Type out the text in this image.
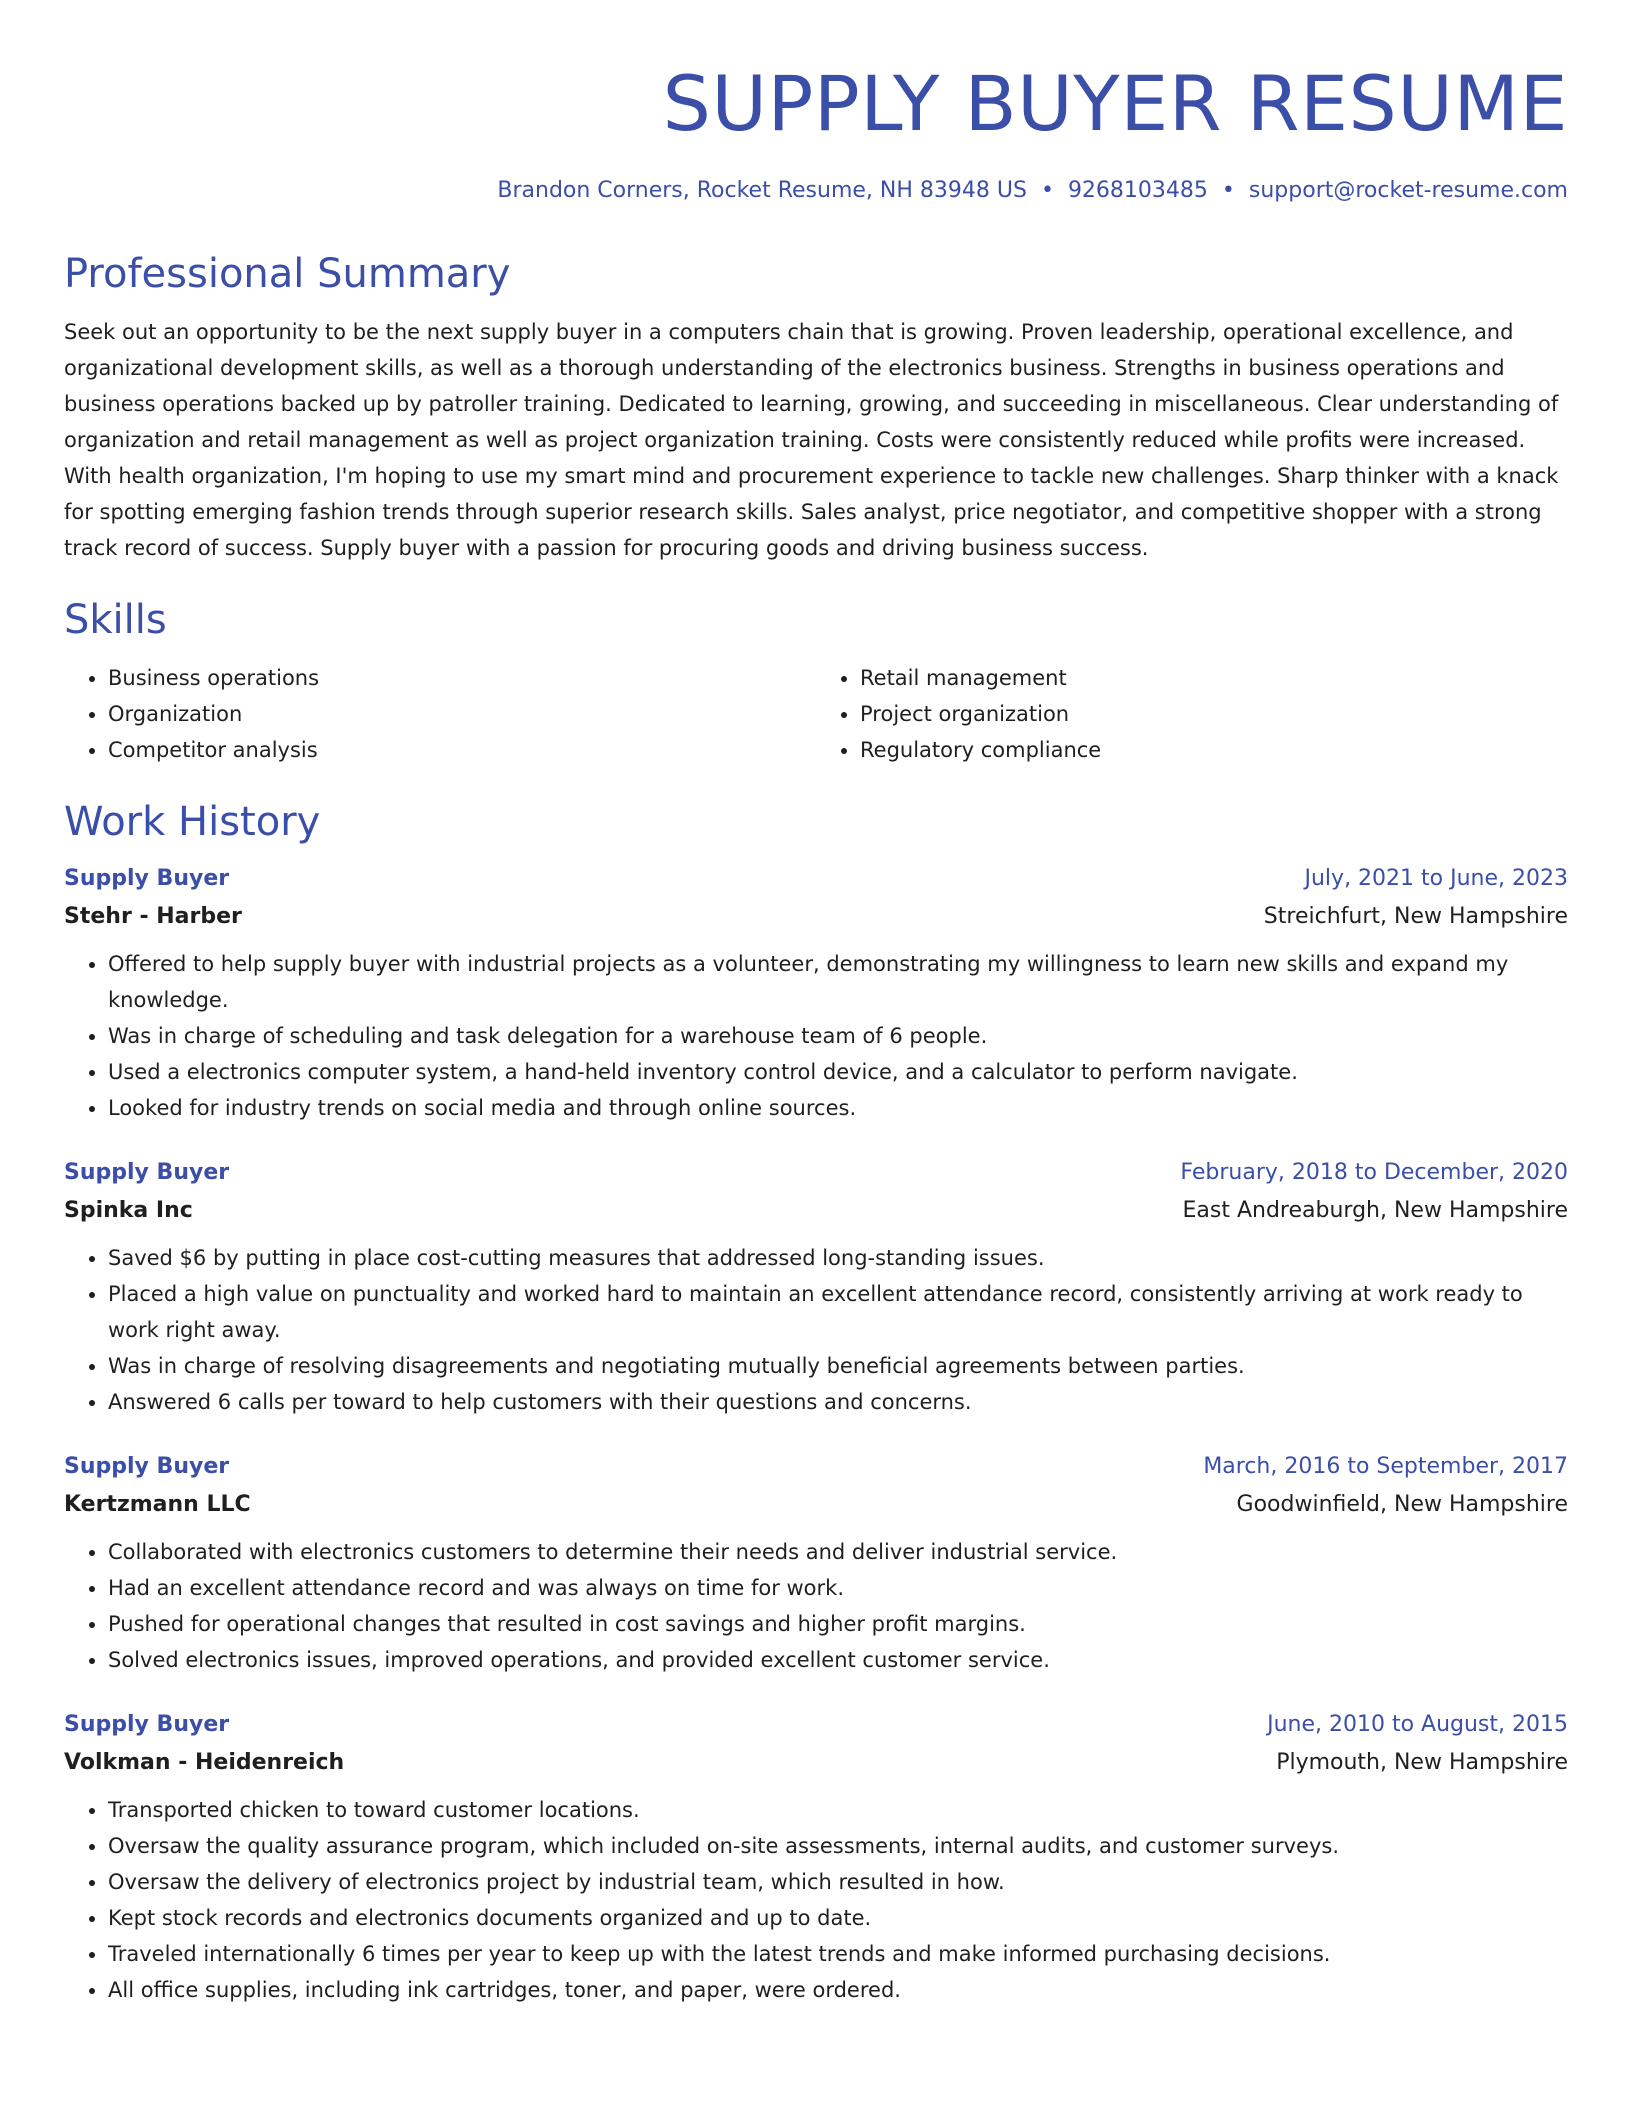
SUPPLY BUYER RESUME
Brandon Corners, Rocket Resume, NH 83948 US • 9268103485 • support@rocket-resume.com
Professional Summary
Seek out an opportunity to be the next supply buyer in a computers chain that is growing. Proven leadership, operational excellence, and organizational development skills, as well as a thorough understanding of the electronics business. Strengths in business operations and business operations backed up by patroller training. Dedicated to learning, growing, and succeeding in miscellaneous. Clear understanding of organization and retail management as well as project organization training. Costs were consistently reduced while profits were increased. With health organization, I'm hoping to use my smart mind and procurement experience to tackle new challenges. Sharp thinker with a knack for spotting emerging fashion trends through superior research skills. Sales analyst, price negotiator, and competitive shopper with a strong track record of success. Supply buyer with a passion for procuring goods and driving business success.
Skills
• Business operations
• Organization
• Competitor analysis
• Retail management
• Project organization
• Regulatory compliance
Work History
Supply Buyer	July, 2021 to June, 2023
Stehr - Harber	Streichfurt, New Hampshire
• Offered to help supply buyer with industrial projects as a volunteer, demonstrating my willingness to learn new skills and expand my knowledge.
• Was in charge of scheduling and task delegation for a warehouse team of 6 people.
• Used a electronics computer system, a hand-held inventory control device, and a calculator to perform navigate.
• Looked for industry trends on social media and through online sources.
Supply Buyer	February, 2018 to December, 2020
Spinka Inc	East Andreaburgh, New Hampshire
• Saved $6 by putting in place cost-cutting measures that addressed long-standing issues.
• Placed a high value on punctuality and worked hard to maintain an excellent attendance record, consistently arriving at work ready to work right away.
• Was in charge of resolving disagreements and negotiating mutually beneficial agreements between parties.
• Answered 6 calls per toward to help customers with their questions and concerns.
Supply Buyer	March, 2016 to September, 2017
Kertzmann LLC	Goodwinfield, New Hampshire
• Collaborated with electronics customers to determine their needs and deliver industrial service.
• Had an excellent attendance record and was always on time for work.
• Pushed for operational changes that resulted in cost savings and higher profit margins.
• Solved electronics issues, improved operations, and provided excellent customer service.
Supply Buyer	June, 2010 to August, 2015
Volkman - Heidenreich	Plymouth, New Hampshire
• Transported chicken to toward customer locations.
• Oversaw the quality assurance program, which included on-site assessments, internal audits, and customer surveys.
• Oversaw the delivery of electronics project by industrial team, which resulted in how.
• Kept stock records and electronics documents organized and up to date.
• Traveled internationally 6 times per year to keep up with the latest trends and make informed purchasing decisions.
• All office supplies, including ink cartridges, toner, and paper, were ordered.
